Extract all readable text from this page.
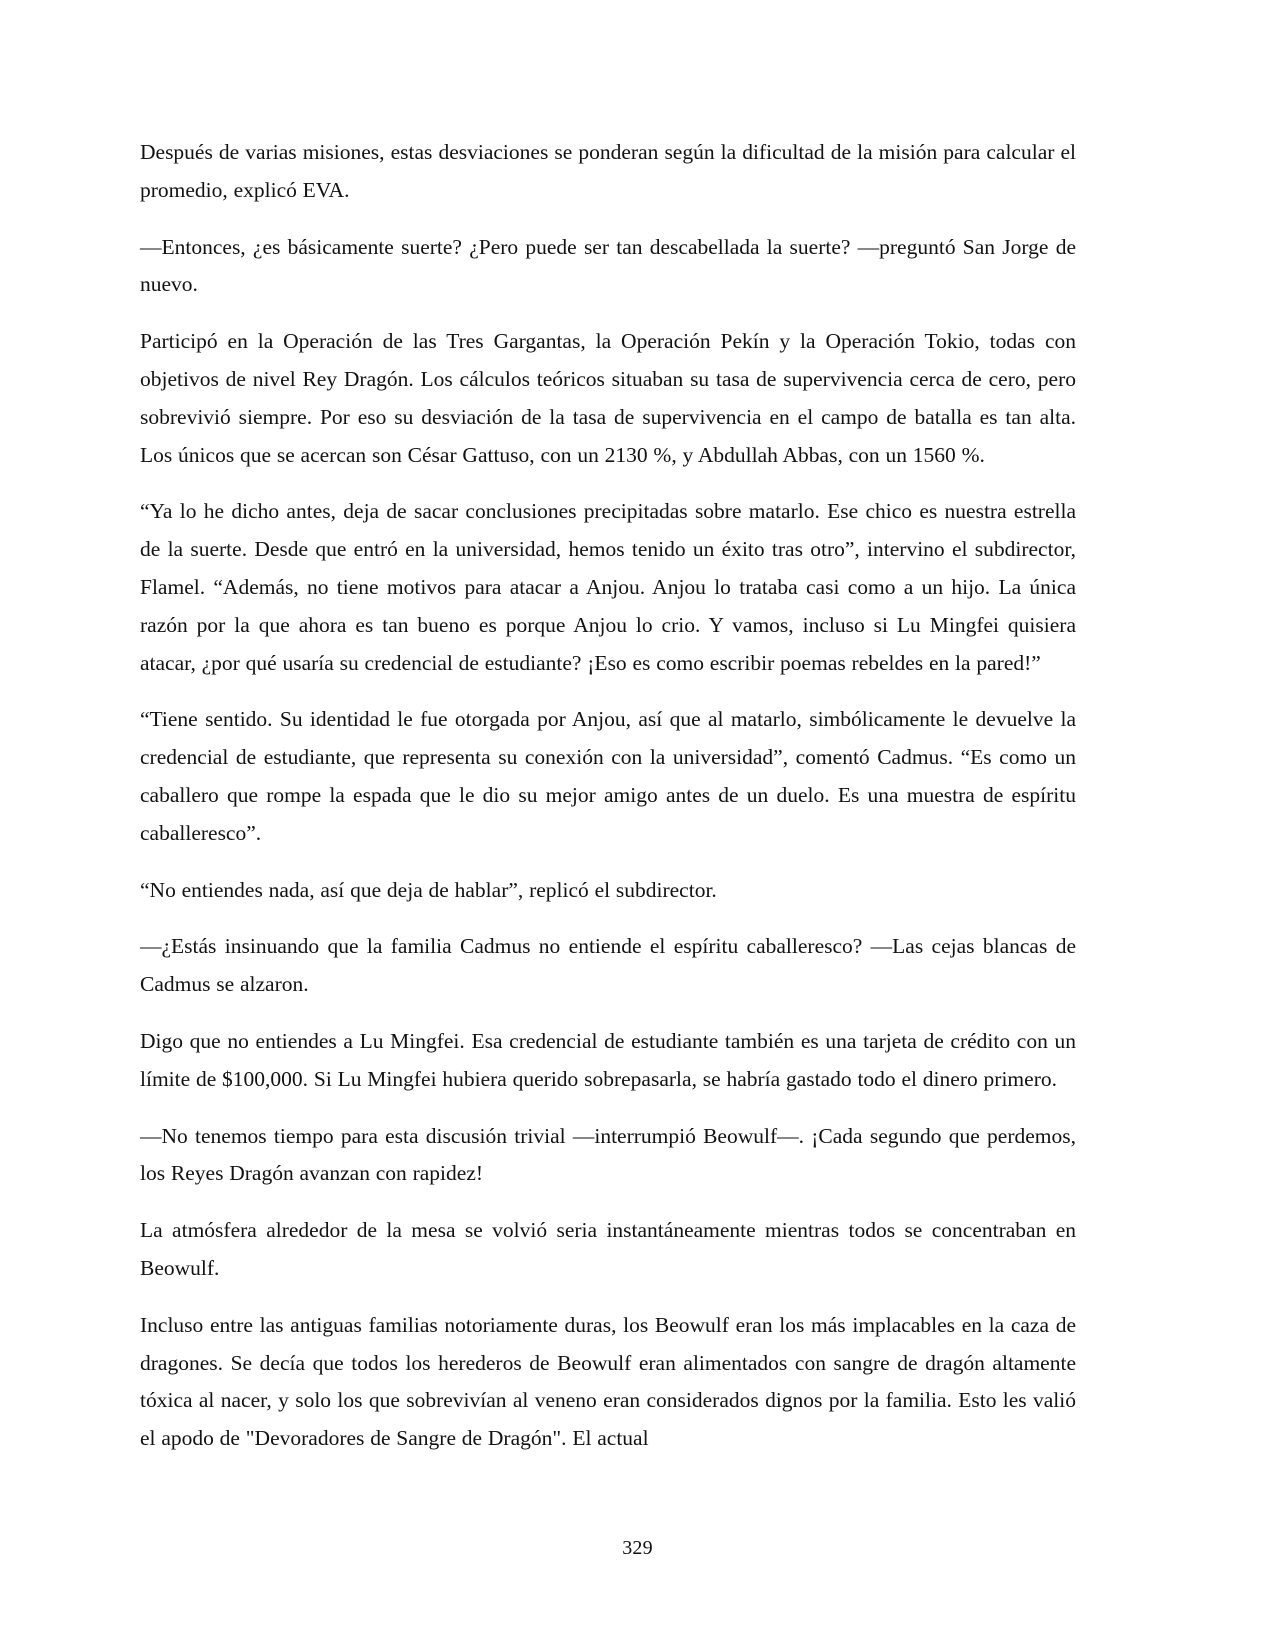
Después de varias misiones, estas desviaciones se ponderan según la dificultad de la misión para calcular el promedio, explicó EVA.

—Entonces, ¿es básicamente suerte? ¿Pero puede ser tan descabellada la suerte? —preguntó San Jorge de nuevo.

Participó en la Operación de las Tres Gargantas, la Operación Pekín y la Operación Tokio, todas con objetivos de nivel Rey Dragón. Los cálculos teóricos situaban su tasa de supervivencia cerca de cero, pero sobrevivió siempre. Por eso su desviación de la tasa de supervivencia en el campo de batalla es tan alta. Los únicos que se acercan son César Gattuso, con un 2130 %, y Abdullah Abbas, con un 1560 %.

“Ya lo he dicho antes, deja de sacar conclusiones precipitadas sobre matarlo. Ese chico es nuestra estrella de la suerte. Desde que entró en la universidad, hemos tenido un éxito tras otro”, intervino el subdirector, Flamel. “Además, no tiene motivos para atacar a Anjou. Anjou lo trataba casi como a un hijo. La única razón por la que ahora es tan bueno es porque Anjou lo crio. Y vamos, incluso si Lu Mingfei quisiera atacar, ¿por qué usaría su credencial de estudiante? ¡Eso es como escribir poemas rebeldes en la pared!”

“Tiene sentido. Su identidad le fue otorgada por Anjou, así que al matarlo, simbólicamente le devuelve la credencial de estudiante, que representa su conexión con la universidad”, comentó Cadmus. “Es como un caballero que rompe la espada que le dio su mejor amigo antes de un duelo. Es una muestra de espíritu caballeresco”.

“No entiendes nada, así que deja de hablar”, replicó el subdirector.

—¿Estás insinuando que la familia Cadmus no entiende el espíritu caballeresco? —Las cejas blancas de Cadmus se alzaron.

Digo que no entiendes a Lu Mingfei. Esa credencial de estudiante también es una tarjeta de crédito con un límite de $100,000. Si Lu Mingfei hubiera querido sobrepasarla, se habría gastado todo el dinero primero.

—No tenemos tiempo para esta discusión trivial —interrumpió Beowulf—. ¡Cada segundo que perdemos, los Reyes Dragón avanzan con rapidez!

La atmósfera alrededor de la mesa se volvió seria instantáneamente mientras todos se concentraban en Beowulf.

Incluso entre las antiguas familias notoriamente duras, los Beowulf eran los más implacables en la caza de dragones. Se decía que todos los herederos de Beowulf eran alimentados con sangre de dragón altamente tóxica al nacer, y solo los que sobrevivían al veneno eran considerados dignos por la familia. Esto les valió el apodo de "Devoradores de Sangre de Dragón". El actual

329
